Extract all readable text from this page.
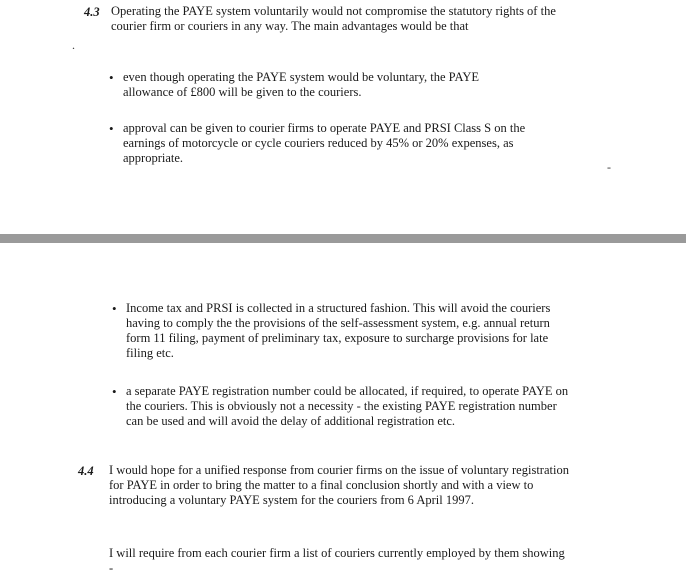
4.3 Operating the PAYE system voluntarily would not compromise the statutory rights of the courier firm or couriers in any way. The main advantages would be that
• even though operating the PAYE system would be voluntary, the PAYE allowance of £800 will be given to the couriers.
• approval can be given to courier firms to operate PAYE and PRSI Class S on the earnings of motorcycle or cycle couriers reduced by 45% or 20% expenses, as appropriate.
.
-
• Income tax and PRSI is collected in a structured fashion. This will avoid the couriers having to comply the the provisions of the self-assessment system, e.g. annual return form 11 filing, payment of preliminary tax, exposure to surcharge provisions for late filing etc.
• a separate PAYE registration number could be allocated, if required, to operate PAYE on the couriers. This is obviously not a necessity - the existing PAYE registration number can be used and will avoid the delay of additional registration etc.
4.4 I would hope for a unified response from courier firms on the issue of voluntary registration for PAYE in order to bring the matter to a final conclusion shortly and with a view to introducing a voluntary PAYE system for the couriers from 6 April 1997.
I will require from each courier firm a list of couriers currently employed by them showing -
